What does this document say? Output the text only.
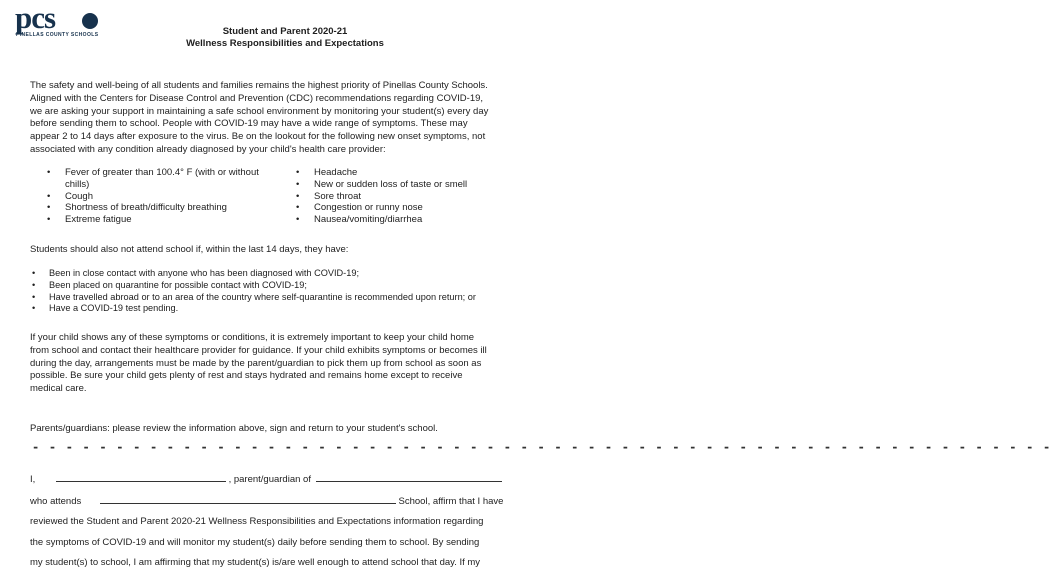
pcs
PINELLAS COUNTY SCHOOLS	Student and Parent 2020-21
Wellness Responsibilities and Expectations

The safety and well-being of all students and families remains the highest priority of Pinellas County Schools. Aligned with the Centers for Disease Control and Prevention (CDC) recommendations regarding COVID-19, we are asking your support in maintaining a safe school environment by monitoring your student(s) every day before sending them to school. People with COVID-19 may have a wide range of symptoms. These may appear 2 to 14 days after exposure to the virus. Be on the lookout for the following new onset symptoms, not associated with any condition already diagnosed by your child's health care provider:

• Fever of greater than 100.4° F (with or without chills)
• Cough
• Shortness of breath/difficulty breathing
• Extreme fatigue
• Headache
• New or sudden loss of taste or smell
• Sore throat
• Congestion or runny nose
• Nausea/vomiting/diarrhea
Students should also not attend school if, within the last 14 days, they have:
• Been in close contact with anyone who has been diagnosed with COVID-19;
• Been placed on quarantine for possible contact with COVID-19;
• Have travelled abroad or to an area of the country where self-quarantine is recommended upon return; or
• Have a COVID-19 test pending.

If your child shows any of these symptoms or conditions, it is extremely important to keep your child home from school and contact their healthcare provider for guidance. If your child exhibits symptoms or becomes ill during the day, arrangements must be made by the parent/guardian to pick them up from school as soon as possible. Be sure your child gets plenty of rest and stays hydrated and remains home except to receive medical care.

Parents/guardians: please review the information above, sign and return to your student's school.
- - - - - - - - - - - - - - - - - - - - - - - - - - - - - - - - - - - - - - - - - - - - - - - - - - - - - - - - - - - - -
I,	, parent/guardian of
who attends	School, affirm that I have
reviewed the Student and Parent 2020-21 Wellness Responsibilities and Expectations information regarding
the symptoms of COVID-19 and will monitor my student(s) daily before sending them to school. By sending
my student(s) to school, I am affirming that my student(s) is/are well enough to attend school that day. If my
